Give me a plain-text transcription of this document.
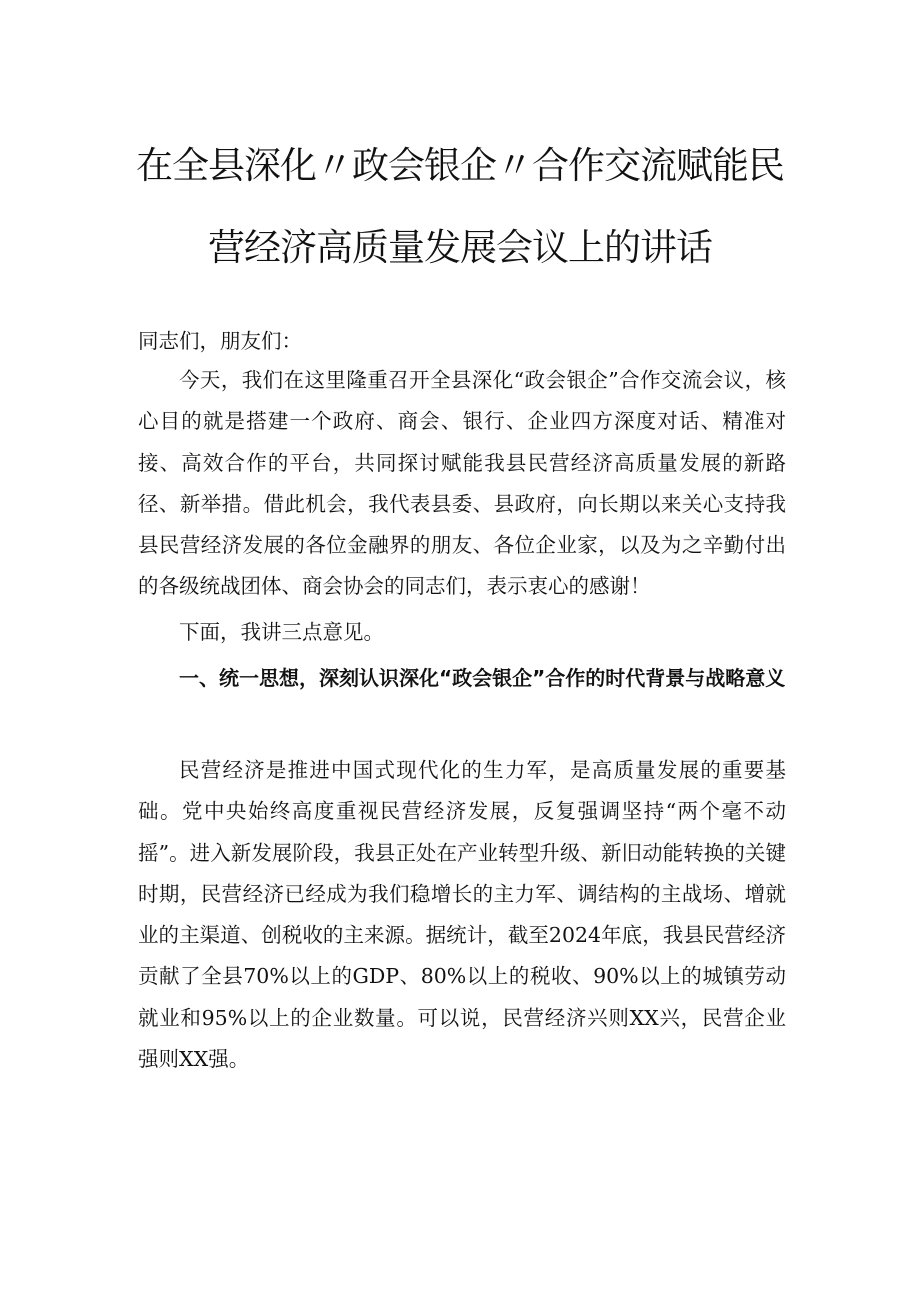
在全县深化〃政会银企〃合作交流赋能民
营经济高质量发展会议上的讲话
同志们，朋友们：

今天，我们在这里隆重召开全县深化“政会银企”合作交流会议，核心目的就是搭建一个政府、商会、银行、企业四方深度对话、精准对接、高效合作的平台，共同探讨赋能我县民营经济高质量发展的新路径、新举措。借此机会，我代表县委、县政府，向长期以来关心支持我县民营经济发展的各位金融界的朋友、各位企业家，以及为之辛勤付出的各级统战团体、商会协会的同志们，表示衷心的感谢！

下面，我讲三点意见。

一、统一思想，深刻认识深化“政会银企”合作的时代背景与战略意义

民营经济是推进中国式现代化的生力军，是高质量发展的重要基础。党中央始终高度重视民营经济发展，反复强调坚持“两个毫不动摇”。进入新发展阶段，我县正处在产业转型升级、新旧动能转换的关键时期，民营经济已经成为我们稳增长的主力军、调结构的主战场、增就业的主渠道、创税收的主来源。据统计，截至2024年底，我县民营经济贡献了全县70%以上的GDP、80%以上的税收、90%以上的城镇劳动就业和95%以上的企业数量。可以说，民营经济兴则XX兴，民营企业强则XX强。
